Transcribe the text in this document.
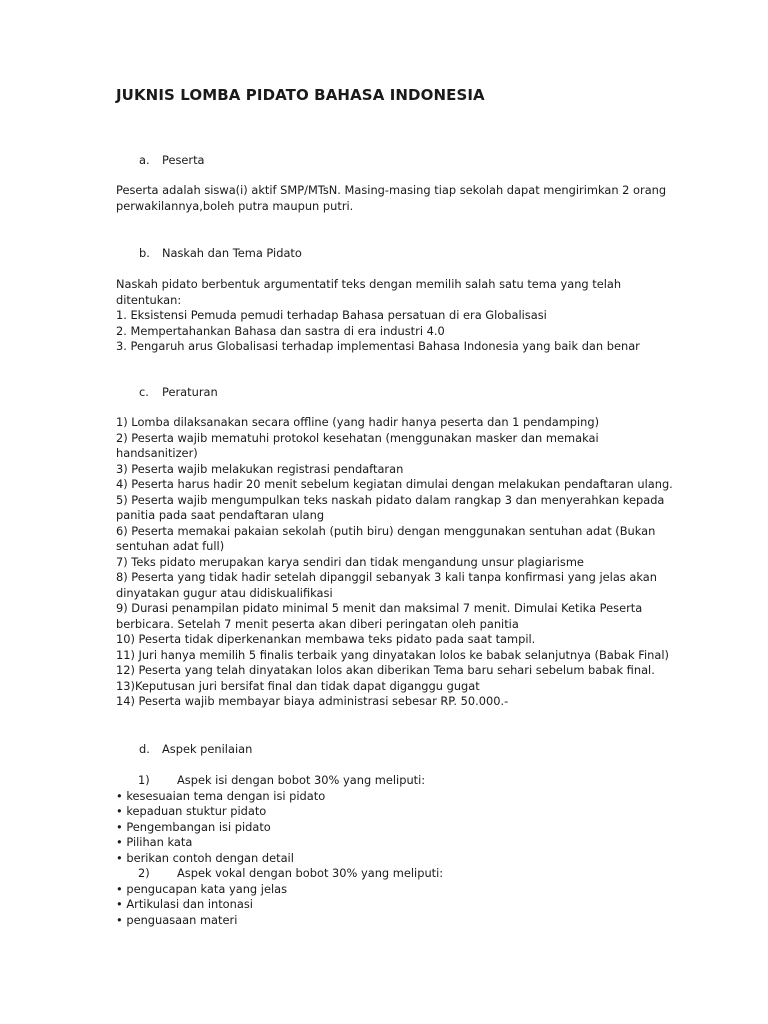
JUKNIS LOMBA PIDATO BAHASA INDONESIA
a. Peserta

Peserta adalah siswa(i) aktif SMP/MTsN. Masing-masing tiap sekolah dapat mengirimkan 2 orang

perwakilannya,boleh putra maupun putri.

b. Naskah dan Tema Pidato

Naskah pidato berbentuk argumentatif teks dengan memilih salah satu tema yang telah

ditentukan:

1. Eksistensi Pemuda pemudi terhadap Bahasa persatuan di era Globalisasi

2. Mempertahankan Bahasa dan sastra di era industri 4.0

3. Pengaruh arus Globalisasi terhadap implementasi Bahasa Indonesia yang baik dan benar

c. Peraturan

1) Lomba dilaksanakan secara offline (yang hadir hanya peserta dan 1 pendamping)

2) Peserta wajib mematuhi protokol kesehatan (menggunakan masker dan memakai

handsanitizer)

3) Peserta wajib melakukan registrasi pendaftaran

4) Peserta harus hadir 20 menit sebelum kegiatan dimulai dengan melakukan pendaftaran ulang.

5) Peserta wajib mengumpulkan teks naskah pidato dalam rangkap 3 dan menyerahkan kepada

panitia pada saat pendaftaran ulang

6) Peserta memakai pakaian sekolah (putih biru) dengan menggunakan sentuhan adat (Bukan

sentuhan adat full)

7) Teks pidato merupakan karya sendiri dan tidak mengandung unsur plagiarisme

8) Peserta yang tidak hadir setelah dipanggil sebanyak 3 kali tanpa konfirmasi yang jelas akan

dinyatakan gugur atau didiskualifikasi

9) Durasi penampilan pidato minimal 5 menit dan maksimal 7 menit. Dimulai Ketika Peserta

berbicara. Setelah 7 menit peserta akan diberi peringatan oleh panitia

10) Peserta tidak diperkenankan membawa teks pidato pada saat tampil.

11) Juri hanya memilih 5 finalis terbaik yang dinyatakan lolos ke babak selanjutnya (Babak Final)

12) Peserta yang telah dinyatakan lolos akan diberikan Tema baru sehari sebelum babak final.

13)Keputusan juri bersifat final dan tidak dapat diganggu gugat

14) Peserta wajib membayar biaya administrasi sebesar RP. 50.000.-

d. Aspek penilaian

1) Aspek isi dengan bobot 30% yang meliputi:

• kesesuaian tema dengan isi pidato

• kepaduan stuktur pidato

• Pengembangan isi pidato

• Pilihan kata

• berikan contoh dengan detail

2) Aspek vokal dengan bobot 30% yang meliputi:

• pengucapan kata yang jelas

• Artikulasi dan intonasi

• penguasaan materi
